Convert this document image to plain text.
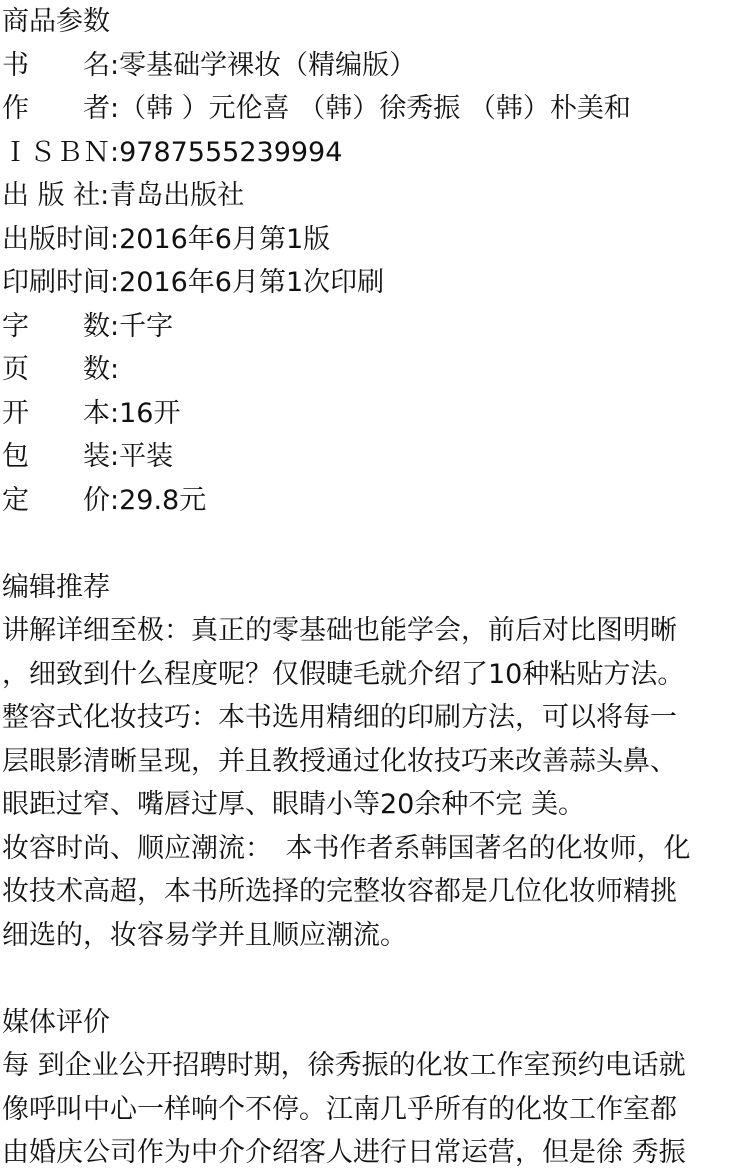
商品参数
书　　名:零基础学裸妆（精编版）
作　　者:（韩 ）元伦喜 （韩）徐秀振 （韩）朴美和
ＩＳＢＮ:9787555239994
出 版 社:青岛出版社
出版时间:2016年6月第1版
印刷时间:2016年6月第1次印刷
字　　数:千字
页　　数:
开　　本:16开
包　　装:平装
定　　价:29.8元
编辑推荐
讲解详细至极：真正的零基础也能学会，前后对比图明晰
，细致到什么程度呢？仅假睫毛就介绍了10种粘贴方法。
整容式化妆技巧：本书选用精细的印刷方法，可以将每一
层眼影清晰呈现，并且教授通过化妆技巧来改善蒜头鼻、
眼距过窄、嘴唇过厚、眼睛小等20余种不完 美。
妆容时尚、顺应潮流：　本书作者系韩国著名的化妆师，化
妆技术高超，本书所选择的完整妆容都是几位化妆师精挑
细选的，妆容易学并且顺应潮流。
媒体评价
每 到企业公开招聘时期，徐秀振的化妆工作室预约电话就
像呼叫中心一样响个不停。江南几乎所有的化妆工作室都
由婚庆公司作为中介介绍客人进行日常运营，但是徐 秀振
